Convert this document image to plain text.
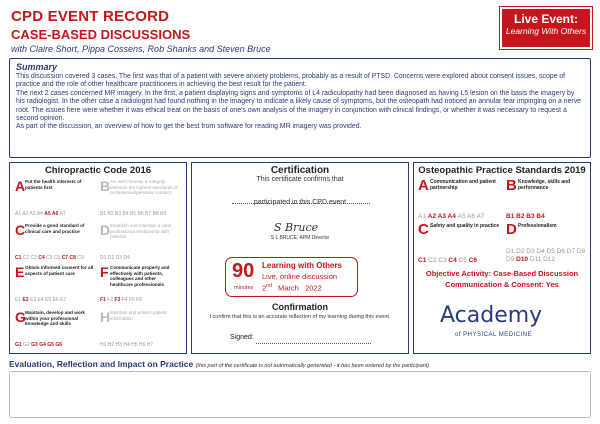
CPD EVENT RECORD
CASE-BASED DISCUSSIONS
with Claire Short, Pippa Cossens, Rob Shanks and Steven Bruce
Live Event:
Learning With Others
Summary

This discussion covered 3 cases. The first was that of a patient with severe anxiety problems, probably as a result of PTSD. Concerns were explored about consent issues, scope of practice and the role of other healthcare practitioners in achieving the best result for the patient.

The next 2 cases concerned MR imagery. In the first, a patient displaying signs and symptoms of L4 radiculopathy had been diagnosed as having L5 lesion on the basis the imagery by his radiologist. In the other case a radiologist had found nothing in the imagery to indicate a likely cause of symptoms, but the osteopath had noticed an annular tear impinging on a nerve root. The issues here were whether it was ethical treat on the basis of one's own analysis of the imagery in conjunction with clinical findings, or whether it was necessary to request a second opinion.

As part of the discussion, an overview of how to get the best from software for reading MR imagery was provided.

Chiropractic Code 2016
A Put the health interests of patients first
A1 A2 A3 A4 A5 A6 A7
B Act with honesty & integrity. Maintain the highest standards of professional/personal conduct
B1 B2 B3 B4 B5 B6 B7 B8 B9
C Provide a good standard of clinical care and practice
C1 C2 C3 C4 C5 C6 C7 C8 C9
D Establish and maintain a clear professional relationship with patients
D1 D2 D3 D4
E Obtain informed consent for all aspects of patient care
E1 E2 E3 E4 E5 E6 E7
F Communicate properly and effectively with patients, colleagues and other healthcare professionals
F1 F2 F3 F4 F5 F6
G Maintain, develop and work within your professional knowledge and skills
G1 G2 G3 G4 G5 G6
H Maintain and protect patient information
H1 H2 H3 H4 H5 H6 H7
Certification
This certificate confirms that
participated in this CPD event
S Bruce
S L BRUCE, APM Director
90
minutes
Learning with Others
Live, online discussion
2nd March 2022
Confirmation
I confirm that this is an accurate reflection of my learning during this event.
Signed:
Osteopathic Practice Standards 2019
A Communication and patient partnership
A1 A2 A3 A4 A5 A6 A7
B Knowledge, skills and performance
B1 B2 B3 B4
C Safety and quality in practice
C1 C2 C3 C4 C5 C6
D Professionalism
D1 D2 D3 D4 D5 D6 D7 D8 D9 D10 D11 D12
Objective Activity: Case-Based Discussion
Communication & Consent: Yes
Academy
of PHYSICAL MEDICINE
Evaluation, Reflection and Impact on Practice (this part of the certificate is not automatically generated - it has been entered by the participant)
